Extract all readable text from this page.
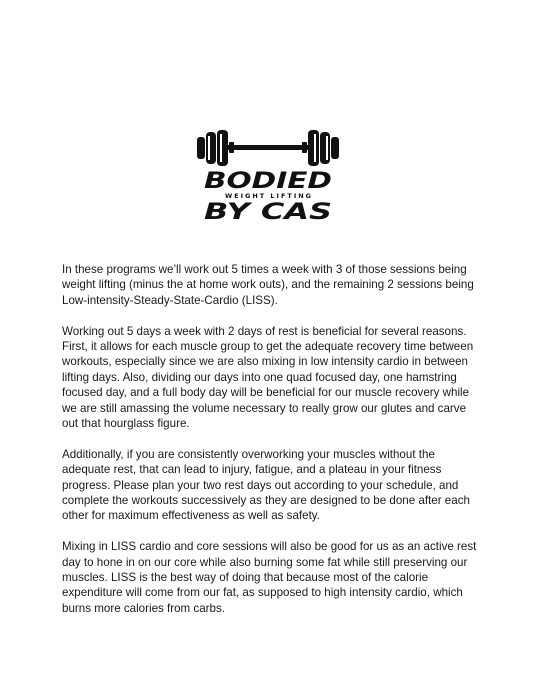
BODIED
WEIGHT LIFTING
BY CAS

In these programs we’ll work out 5 times a week with 3 of those sessions being weight lifting (minus the at home work outs), and the remaining 2 sessions being Low-intensity-Steady-State-Cardio (LISS).

Working out 5 days a week with 2 days of rest is beneficial for several reasons. First, it allows for each muscle group to get the adequate recovery time between workouts, especially since we are also mixing in low intensity cardio in between lifting days. Also, dividing our days into one quad focused day, one hamstring focused day, and a full body day will be beneficial for our muscle recovery while we are still amassing the volume necessary to really grow our glutes and carve out that hourglass figure.

Additionally, if you are consistently overworking your muscles without the adequate rest, that can lead to injury, fatigue, and a plateau in your fitness progress. Please plan your two rest days out according to your schedule, and complete the workouts successively as they are designed to be done after each other for maximum effectiveness as well as safety.

Mixing in LISS cardio and core sessions will also be good for us as an active rest day to hone in on our core while also burning some fat while still preserving our muscles. LISS is the best way of doing that because most of the calorie expenditure will come from our fat, as supposed to high intensity cardio, which burns more calories from carbs.
